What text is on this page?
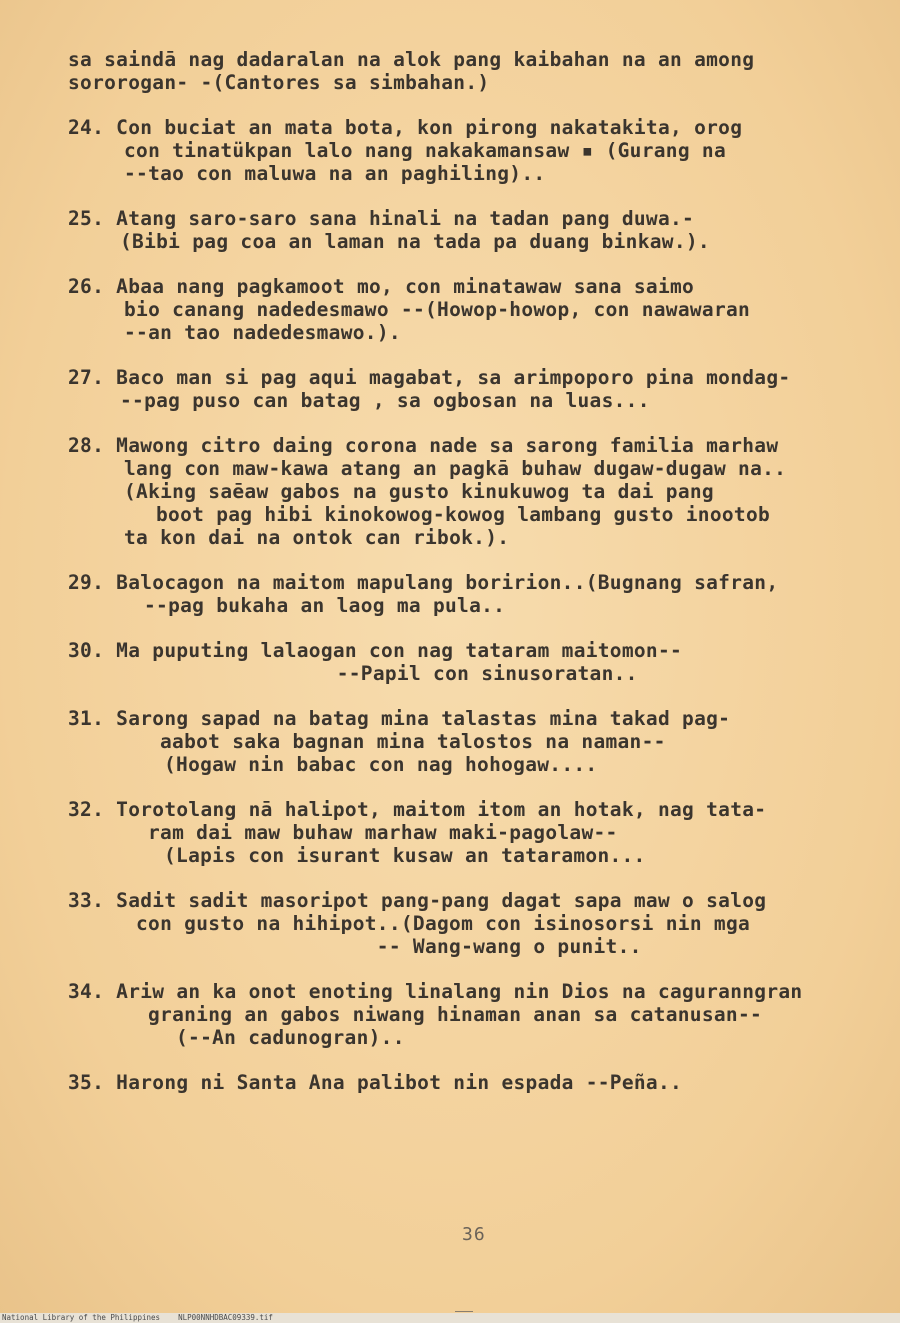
sa saindā nag dadaralan na alok pang kaibahan na an among
sororogan- -(Cantores sa simbahan.)
24. Con buciat an mata bota, kon pirong nakatakita, orog
con tinatükpan lalo nang nakakamansaw ▪ (Gurang na
--tao con maluwa na an paghiling)..
25. Atang saro-saro sana hinali na tadan pang duwa.-
(Bibi pag coa an laman na tada pa duang binkaw.).
26. Abaa nang pagkamoot mo, con minatawaw sana saimo
bio canang nadedesmawo --(Howop-howop, con nawawaran
--an tao nadedesmawo.).
27. Baco man si pag aqui magabat, sa arimpoporo pina mondag-
--pag puso can batag , sa ogbosan na luas...
28. Mawong citro daing corona nade sa sarong familia marhaw
lang con maw-kawa atang an pagkā buhaw dugaw-dugaw na..
(Aking saēaw gabos na gusto kinukuwog ta dai pang
boot pag hibi kinokowog-kowog lambang gusto inootob
ta kon dai na ontok can ribok.).
29. Balocagon na maitom mapulang boririon..(Bugnang safran,
--pag bukaha an laog ma pula..
30. Ma puputing lalaogan con nag tataram maitomon--
--Papil con sinusoratan..
31. Sarong sapad na batag mina talastas mina takad pag-
aabot saka bagnan mina talostos na naman--
(Hogaw nin babac con nag hohogaw....
32. Torotolang nā halipot, maitom itom an hotak, nag tata-
ram dai maw buhaw marhaw maki-pagolaw--
(Lapis con isurant kusaw an tataramon...
33. Sadit sadit masoripot pang-pang dagat sapa maw o salog
con gusto na hihipot..(Dagom con isinosorsi nin mga
-- Wang-wang o punit..
34. Ariw an ka onot enoting linalang nin Dios na caguranngran
graning an gabos niwang hinaman anan sa catanusan--
(--An cadunogran)..
35. Harong ni Santa Ana palibot nin espada --Peña..
36
National Library of the Philippines    NLP00NNHDBAC09339.tif
